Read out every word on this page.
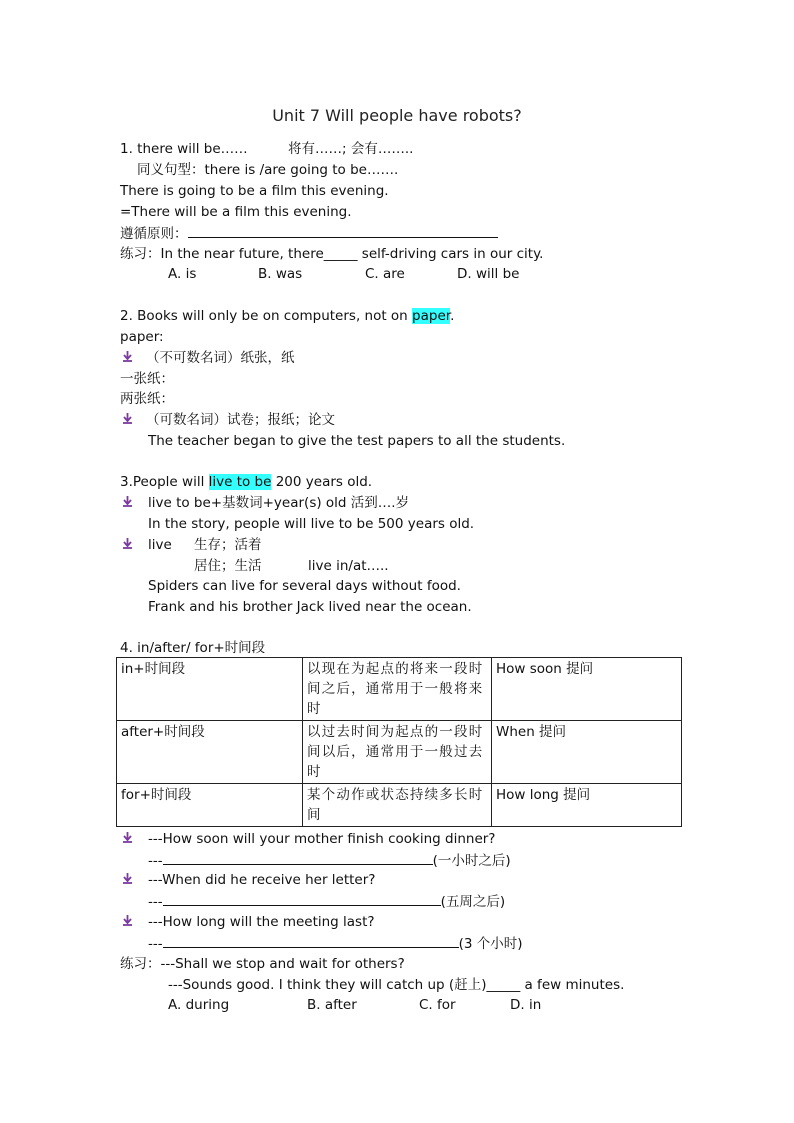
Unit 7 Will people have robots?
1. there will be……	将有……; 会有……..
同义句型：there is /are going to be…….
There is going to be a film this evening.
=There will be a film this evening.
遵循原则：
练习：In the near future, there_____ self-driving cars in our city.
A. is	B. was	C. are	D. will be
2. Books will only be on computers, not on paper.
paper:
（不可数名词）纸张，纸
一张纸：
两张纸：
（可数名词）试卷；报纸；论文
The teacher began to give the test papers to all the students.
3.People will live to be 200 years old.
live to be+基数词+year(s) old 活到….岁
In the story, people will live to be 500 years old.
live 生存；活着
居住；生活	live in/at…..
Spiders can live for several days without food.
Frank and his brother Jack lived near the ocean.
4. in/after/ for+时间段
in+时间段	以现在为起点的将来一段时间之后，通常用于一般将来时	How soon 提问
after+时间段	以过去时间为起点的一段时间以后，通常用于一般过去时	When 提问
for+时间段	某个动作或状态持续多长时间	How long 提问
---How soon will your mother finish cooking dinner?
---	(一小时之后)
---When did he receive her letter?
---	(五周之后)
---How long will the meeting last?
---	(3 个小时)
练习：---Shall we stop and wait for others?
---Sounds good. I think they will catch up (赶上)_____ a few minutes.
A. during	B. after	C. for	D. in
